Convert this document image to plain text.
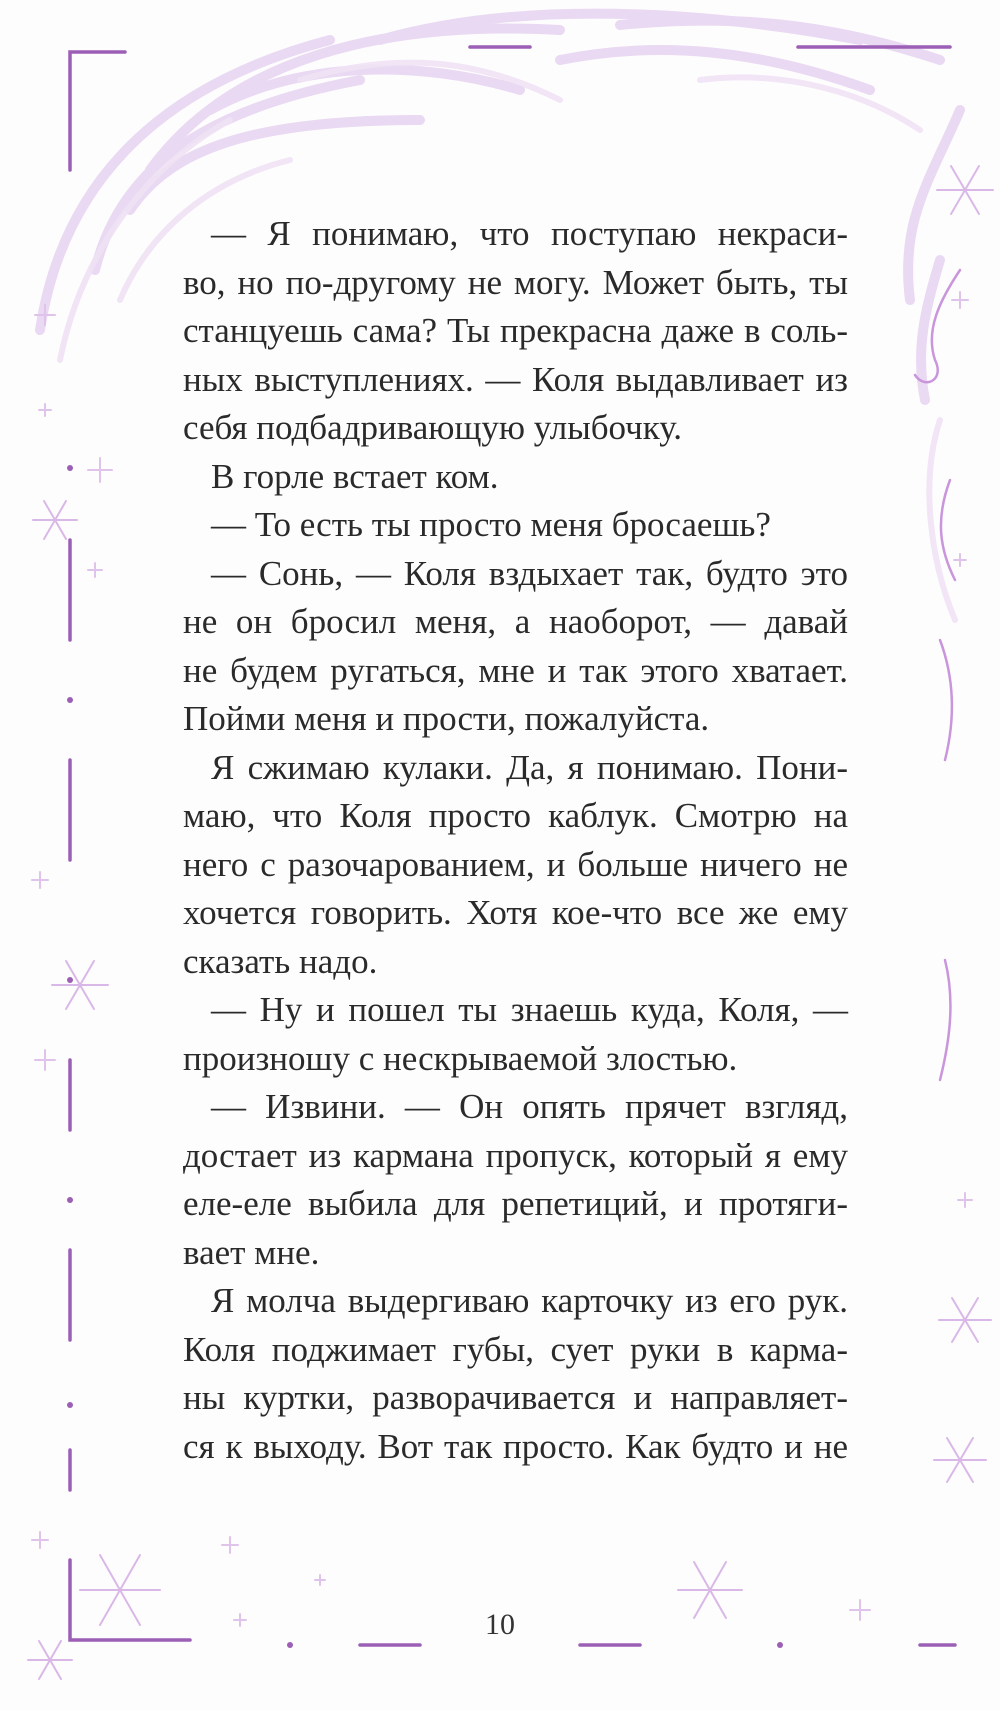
— Я понимаю, что поступаю некраси-
во, но по-другому не могу. Может быть, ты
станцуешь сама? Ты прекрасна даже в соль-
ных выступлениях. — Коля выдавливает из
себя подбадривающую улыбочку.
В горле встает ком.
— То есть ты просто меня бросаешь?
— Сонь, — Коля вздыхает так, будто это
не он бросил меня, а наоборот, — давай
не будем ругаться, мне и так этого хватает.
Пойми меня и прости, пожалуйста.
Я сжимаю кулаки. Да, я понимаю. Пони-
маю, что Коля просто каблук. Смотрю на
него с разочарованием, и больше ничего не
хочется говорить. Хотя кое-что все же ему
сказать надо.
— Ну и пошел ты знаешь куда, Коля, —
произношу с нескрываемой злостью.
— Извини. — Он опять прячет взгляд,
достает из кармана пропуск, который я ему
еле-еле выбила для репетиций, и протяги-
вает мне.
Я молча выдергиваю карточку из его рук.
Коля поджимает губы, сует руки в карма-
ны куртки, разворачивается и направляет-
ся к выходу. Вот так просто. Как будто и не
10
